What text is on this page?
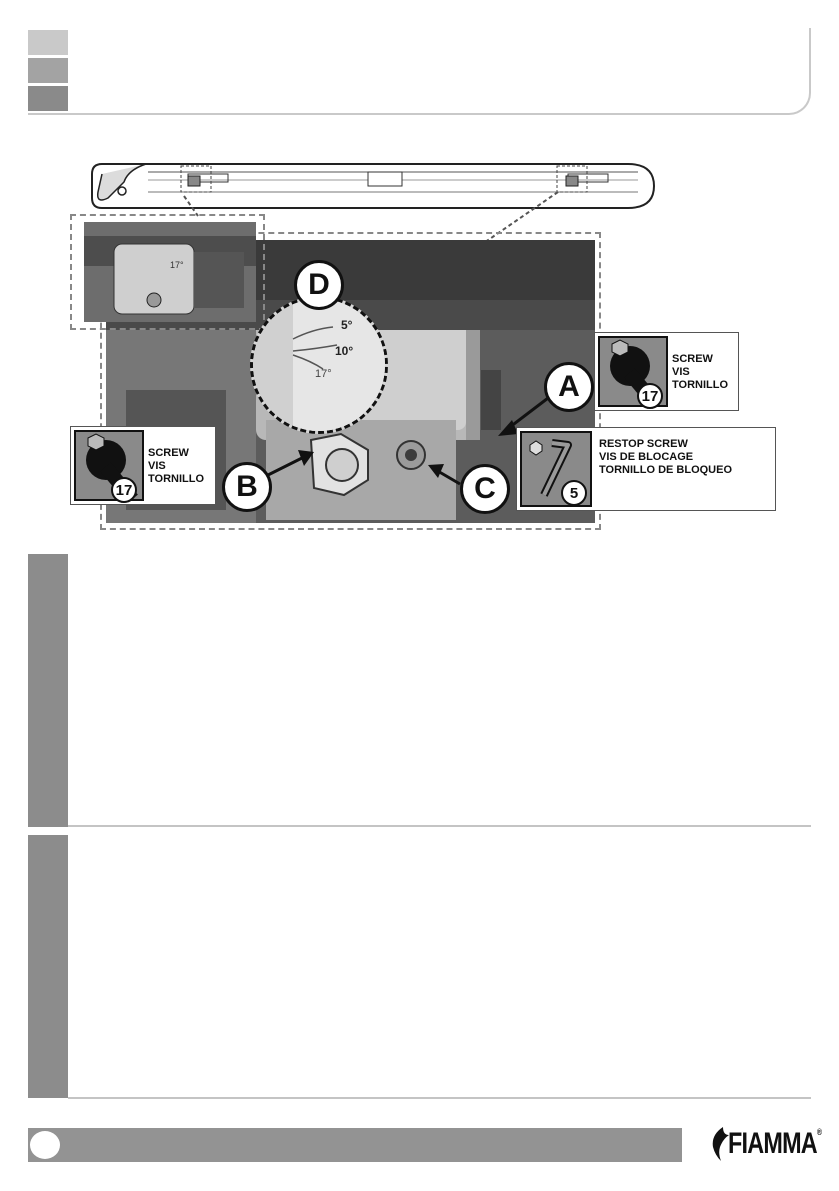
17°
5°
10°
17°
D
A
B	C
17
SCREW
VIS
TORNILLO
17
SCREW
VIS
TORNILLO
5
RESTOP SCREW
VIS DE BLOCAGE
TORNILLO DE BLOQUEO
FIAMMA®
